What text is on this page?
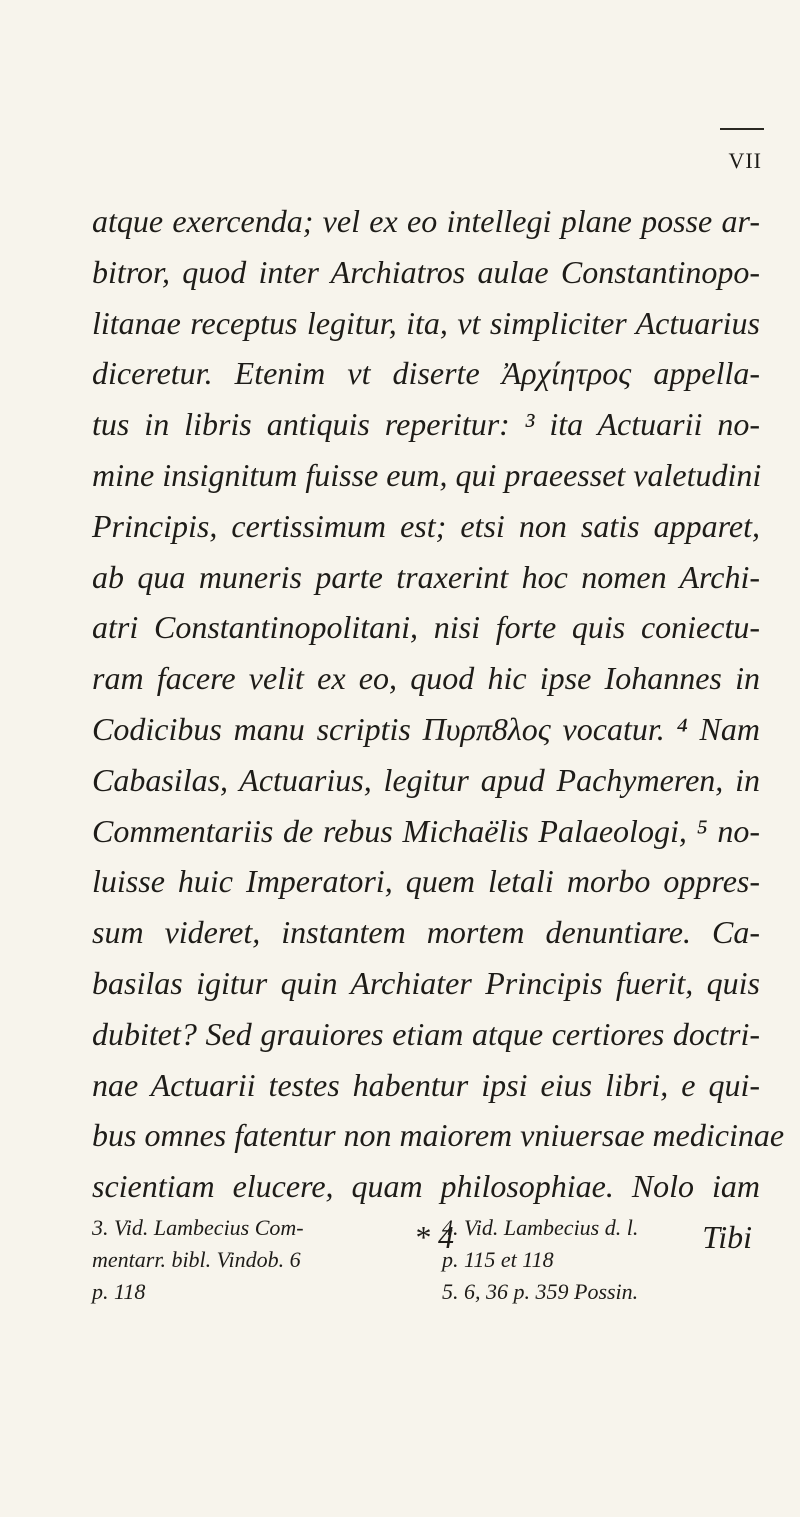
VII
atque exercenda; vel ex eo intellegi plane posse ar-
bitror, quod inter Archiatros aulae Constantinopo-
litanae receptus legitur, ita, vt simpliciter Actuarius
diceretur. Etenim vt diserte Ἀρχίητρος appella-
tus in libris antiquis reperitur: ³ ita Actuarii no-
mine insignitum fuisse eum, qui praeesset valetudini
Principis, certissimum est; etsi non satis apparet,
ab qua muneris parte traxerint hoc nomen Archi-
atri Constantinopolitani, nisi forte quis coniectu-
ram facere velit ex eo, quod hic ipse Iohannes in
Codicibus manu scriptis Πυρπ8λος vocatur. ⁴ Nam
Cabasilas, Actuarius, legitur apud Pachymeren, in
Commentariis de rebus Michaëlis Palaeologi, ⁵ no-
luisse huic Imperatori, quem letali morbo oppres-
sum videret, instantem mortem denuntiare. Ca-
basilas igitur quin Archiater Principis fuerit, quis
dubitet? Sed grauiores etiam atque certiores doctri-
nae Actuarii testes habentur ipsi eius libri, e qui-
bus omnes fatentur non maiorem vniuersae medicinae
scientiam elucere, quam philosophiae. Nolo iam
* 4	Tibi
3. Vid. Lambecius Com-
mentarr. bibl. Vindob. 6
p. 118
4. Vid. Lambecius d. l.
p. 115 et 118
5. 6, 36 p. 359 Possin.
